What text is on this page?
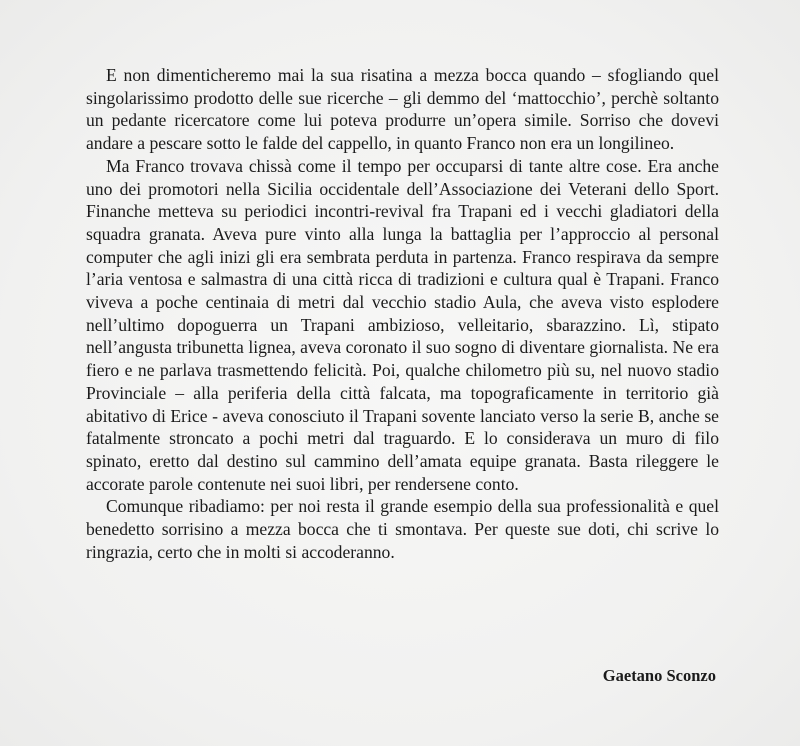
E non dimenticheremo mai la sua risatina a mezza bocca quando – sfogliando quel singolarissimo prodotto delle sue ricerche – gli demmo del ‘mattocchio’, perchè soltanto un pedante ricercatore come lui poteva produrre un’opera simile. Sorriso che dovevi andare a pescare sotto le falde del cappello, in quanto Franco non era un longilineo.

Ma Franco trovava chissà come il tempo per occuparsi di tante altre cose. Era anche uno dei promotori nella Sicilia occidentale dell’Associazione dei Veterani dello Sport. Finanche metteva su periodici incontri-revival fra Trapani ed i vecchi gladiatori della squadra granata. Aveva pure vinto alla lunga la battaglia per l’approccio al personal computer che agli inizi gli era sembrata perduta in partenza. Franco respirava da sempre l’aria ventosa e salmastra di una città ricca di tradizioni e cultura qual è Trapani. Franco viveva a poche centinaia di metri dal vecchio stadio Aula, che aveva visto esplodere nell’ultimo dopoguerra un Trapani ambizioso, velleitario, sbarazzino. Lì, stipato nell’angusta tribunetta lignea, aveva coronato il suo sogno di diventare giornalista. Ne era fiero e ne parlava trasmettendo felicità. Poi, qualche chilometro più su, nel nuovo stadio Provinciale – alla periferia della città falcata, ma topograficamente in territorio già abitativo di Erice - aveva conosciuto il Trapani sovente lanciato verso la serie B, anche se fatalmente stroncato a pochi metri dal traguardo. E lo considerava un muro di filo spinato, eretto dal destino sul cammino dell’amata equipe granata. Basta rileggere le accorate parole contenute nei suoi libri, per rendersene conto.

Comunque ribadiamo: per noi resta il grande esempio della sua professionalità e quel benedetto sorrisino a mezza bocca che ti smontava. Per queste sue doti, chi scrive lo ringrazia, certo che in molti si accoderanno.

Gaetano Sconzo
